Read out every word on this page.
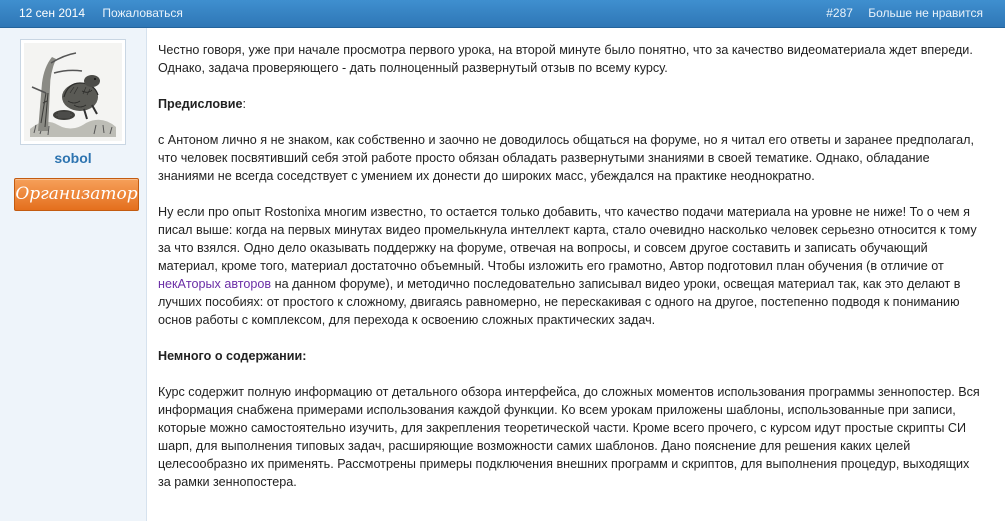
12 сен 2014 Пожаловаться	#287 Больше не нравится
sobol
Организатор

Честно говоря, уже при начале просмотра первого урока, на второй минуте было понятно, что за качество видеоматериала ждет впереди. Однако, задача проверяющего - дать полноценный развернутый отзыв по всему курсу.

Предисловие:

с Антоном лично я не знаком, как собственно и заочно не доводилось общаться на форуме, но я читал его ответы и заранее предполагал, что человек посвятивший себя этой работе просто обязан обладать развернутыми знаниями в своей тематике. Однако, обладание знаниями не всегда соседствует с умением их донести до широких масс, убеждался на практике неоднократно.

Ну если про опыт Rostonixa многим известно, то остается только добавить, что качество подачи материала на уровне не ниже! То о чем я писал выше: когда на первых минутах видео промелькнула интеллект карта, стало очевидно насколько человек серьезно относится к тому за что взялся. Одно дело оказывать поддержку на форуме, отвечая на вопросы, и совсем другое составить и записать обучающий материал, кроме того, материал достаточно объемный. Чтобы изложить его грамотно, Автор подготовил план обучения (в отличие от некAторых авторов на данном форуме), и методично последовательно записывал видео уроки, освещая материал так, как это делают в лучших пособиях: от простого к сложному, двигаясь равномерно, не перескакивая с одного на другое, постепенно подводя к пониманию основ работы с комплексом, для перехода к освоению сложных практических задач.

Немного о содержании:

Курс содержит полную информацию от детального обзора интерфейса, до сложных моментов использования программы зеннопостер. Вся информация снабжена примерами использования каждой функции. Ко всем урокам приложены шаблоны, использованные при записи, которые можно самостоятельно изучить, для закрепления теоретической части. Кроме всего прочего, с курсом идут простые скрипты СИ шарп, для выполнения типовых задач, расширяющие возможности самих шаблонов. Дано пояснение для решения каких целей целесообразно их применять. Рассмотрены примеры подключения внешних программ и скриптов, для выполнения процедур, выходящих за рамки зеннопостера.
